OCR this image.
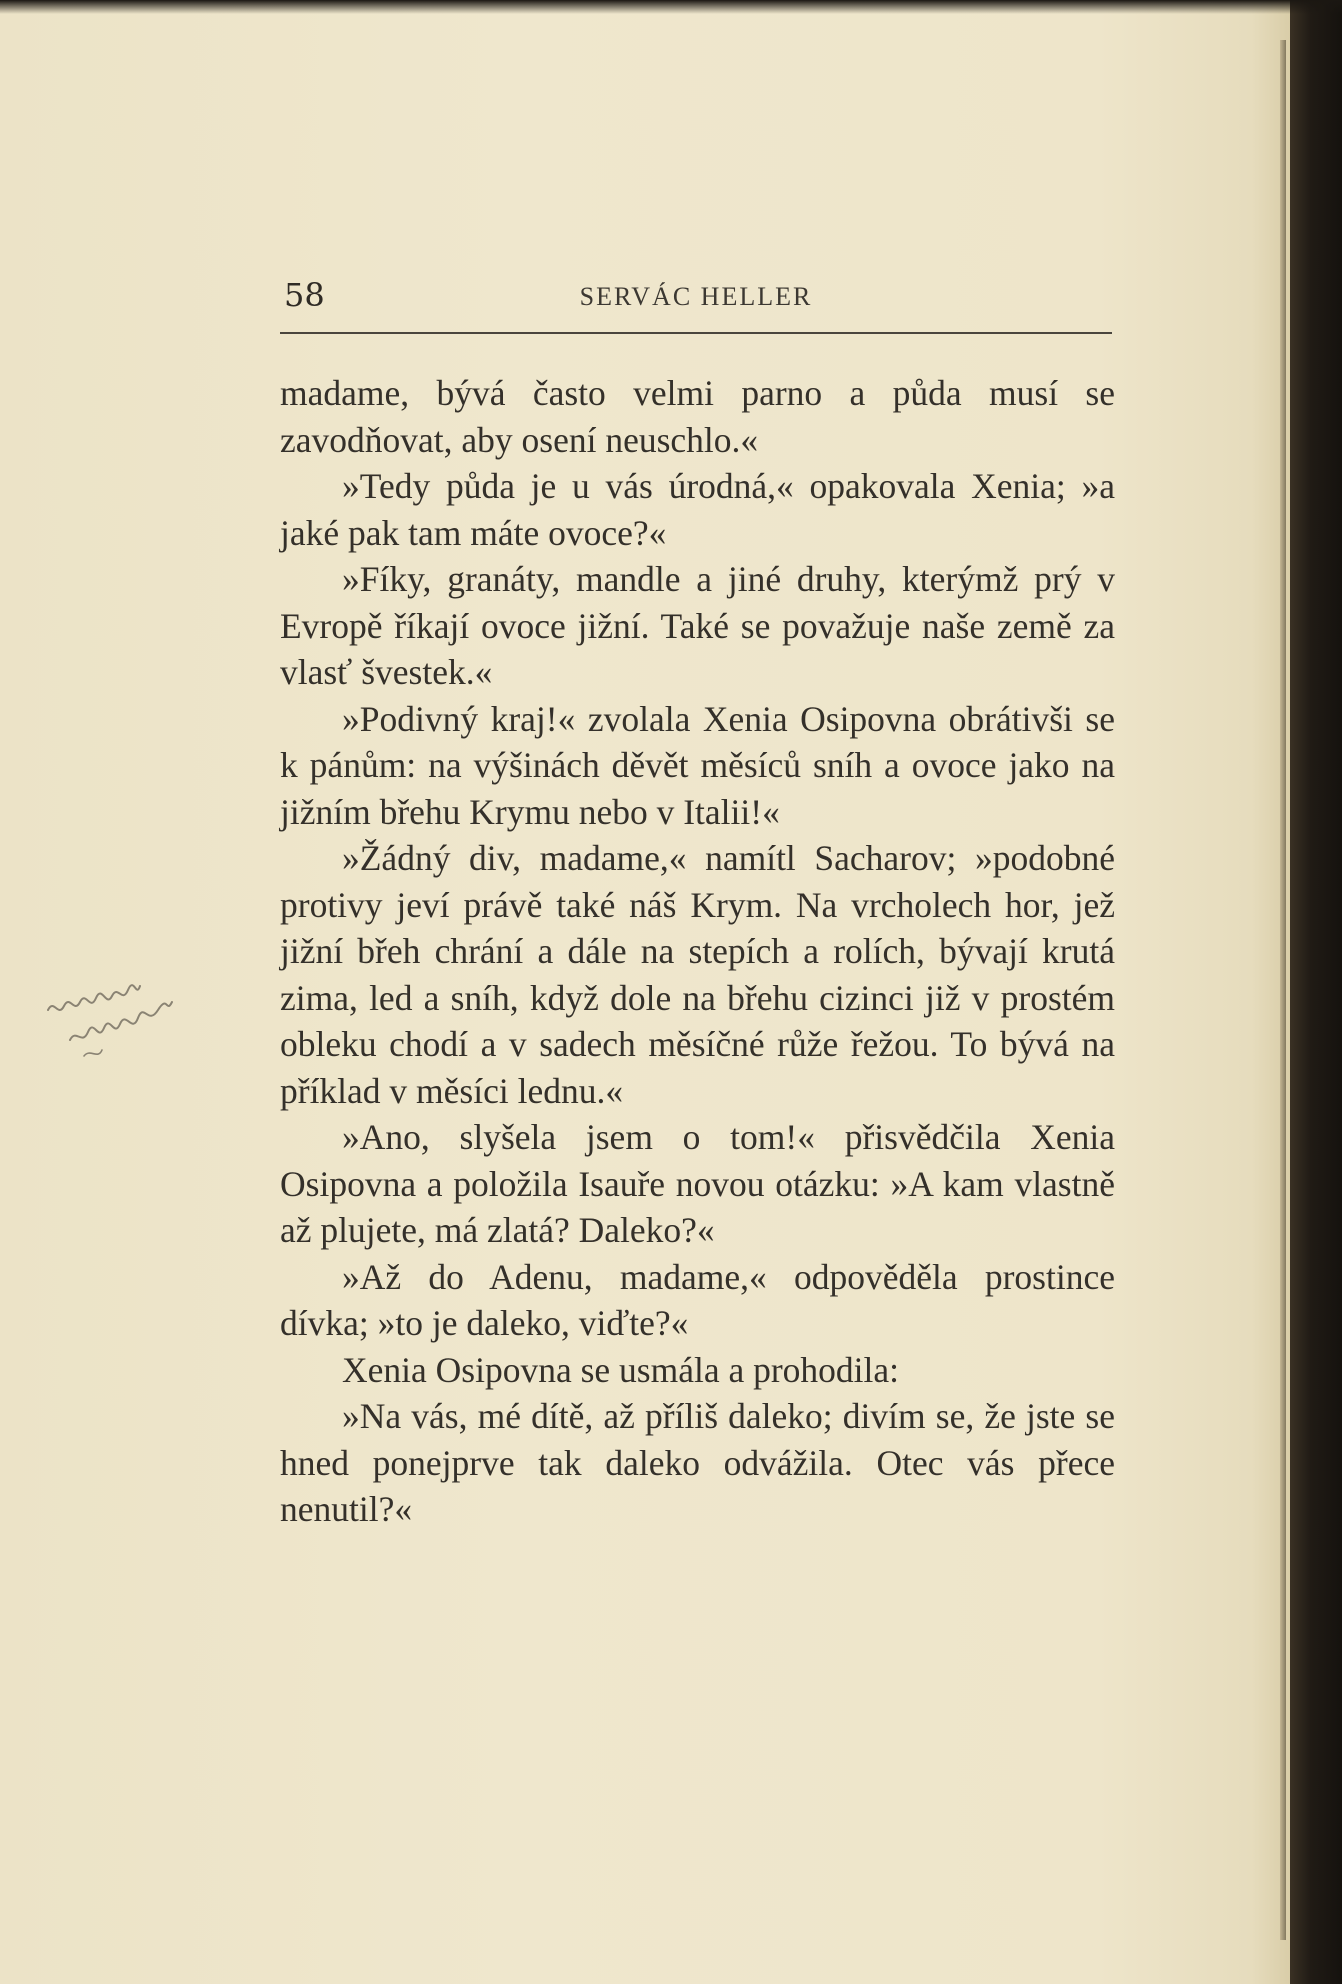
58	SERVÁC HELLER

madame, bývá často velmi parno a půda musí se zavodňovat, aby osení neuschlo.«

»Tedy půda je u vás úrodná,« opakovala Xenia; »a jaké pak tam máte ovoce?«

»Fíky, granáty, mandle a jiné druhy, kterýmž prý v Evropě říkají ovoce jižní. Také se považuje naše země za vlasť švestek.«

»Podivný kraj!« zvolala Xenia Osipovna obrátivši se k pánům: na výšinách děvět měsíců sníh a ovoce jako na jižním břehu Krymu nebo v Italii!«

»Žádný div, madame,« namítl Sacharov; »podobné protivy jeví právě také náš Krym. Na vrcholech hor, jež jižní břeh chrání a dále na stepích a rolích, bývají krutá zima, led a sníh, když dole na břehu cizinci již v prostém obleku chodí a v sadech měsíčné růže řežou. To bývá na příklad v měsíci lednu.«

»Ano, slyšela jsem o tom!« přisvědčila Xenia Osipovna a položila Isauře novou otázku: »A kam vlastně až plujete, má zlatá? Daleko?«

»Až do Adenu, madame,« odpověděla prostince dívka; »to je daleko, viďte?«

Xenia Osipovna se usmála a prohodila:

»Na vás, mé dítě, až příliš daleko; divím se, že jste se hned ponejprve tak daleko odvážila. Otec vás přece nenutil?«
